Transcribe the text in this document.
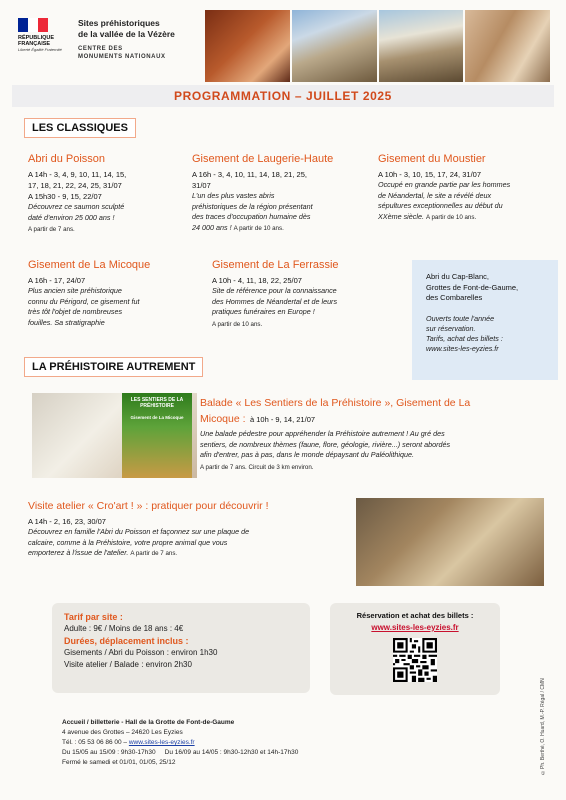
RÉPUBLIQUE FRANÇAISE
Liberté Égalité Fraternité
Sites préhistoriques
de la vallée de la Vézère
CENTRE DES
MONUMENTS NATIONAUX
PROGRAMMATION – JUILLET 2025
LES CLASSIQUES
Abri du Poisson
A 14h - 3, 4, 9, 10, 11, 14, 15,
17, 18, 21, 22, 24, 25, 31/07
A 15h30 - 9, 15, 22/07
Découvrez ce saumon sculpté
daté d'environ 25 000 ans !
A partir de 7 ans.
Gisement de Laugerie-Haute
A 16h - 3, 4, 10, 11, 14, 18, 21, 25,
31/07
L'un des plus vastes abris
préhistoriques de la région présentant
des traces d'occupation humaine dès
24 000 ans ! A partir de 10 ans.
Gisement du Moustier
A 10h - 3, 10, 15, 17, 24, 31/07
Occupé en grande partie par les hommes
de Néandertal, le site a révélé deux
sépultures exceptionnelles au début du
XXème siècle. A partir de 10 ans.
Gisement de La Micoque
A 16h - 17, 24/07
Plus ancien site préhistorique
connu du Périgord, ce gisement fut
très tôt l'objet de nombreuses
fouilles. Sa stratigraphie
Gisement de La Ferrassie
A 10h - 4, 11, 18, 22, 25/07
Site de référence pour la connaissance
des Hommes de Néandertal et de leurs
pratiques funéraires en Europe !
A partir de 10 ans.
Abri du Cap-Blanc,
Grottes de Font-de-Gaume,
des Combarelles
Ouverts toute l'année
sur réservation.
Tarifs, achat des billets :
www.sites-les-eyzies.fr
LA PRÉHISTOIRE AUTREMENT
LES SENTIERS DE LA PRÉHISTOIRE
Gisement de La Micoque
Balade « Les Sentiers de la Préhistoire », Gisement de La
Micoque : à 10h - 9, 14, 21/07
Une balade pédestre pour appréhender la Préhistoire autrement ! Au gré des
sentiers, de nombreux thèmes (faune, flore, géologie, rivière...) seront abordés
afin d'entrer, pas à pas, dans le monde dépaysant du Paléolithique.
A partir de 7 ans. Circuit de 3 km environ.
Visite atelier « Cro'art ! » : pratiquer pour découvrir !
A 14h - 2, 16, 23, 30/07
Découvrez en famille l'Abri du Poisson et façonnez sur une plaque de
calcaire, comme à la Préhistoire, votre propre animal que vous
emporterez à l'issue de l'atelier. A partir de 7 ans.
Tarif par site :
Adulte : 9€ / Moins de 18 ans : 4€
Durées, déplacement inclus :
Gisements / Abri du Poisson : environ 1h30
Visite atelier / Balade : environ 2h30
Réservation et achat des billets :
www.sites-les-eyzies.fr
Accueil / billetterie - Hall de la Grotte de Font-de-Gaume
4 avenue des Grottes – 24620 Les Eyzies
Tél. : 05 53 06 86 00 – www.sites-les-eyzies.fr
Du 15/05 au 15/09 : 9h30-17h30     Du 16/09 au 14/05 : 9h30-12h30 et 14h-17h30
Fermé le samedi et 01/01, 01/05, 25/12	©Ph. Berthé, O. Huard, M.-P. Régal / CMN
